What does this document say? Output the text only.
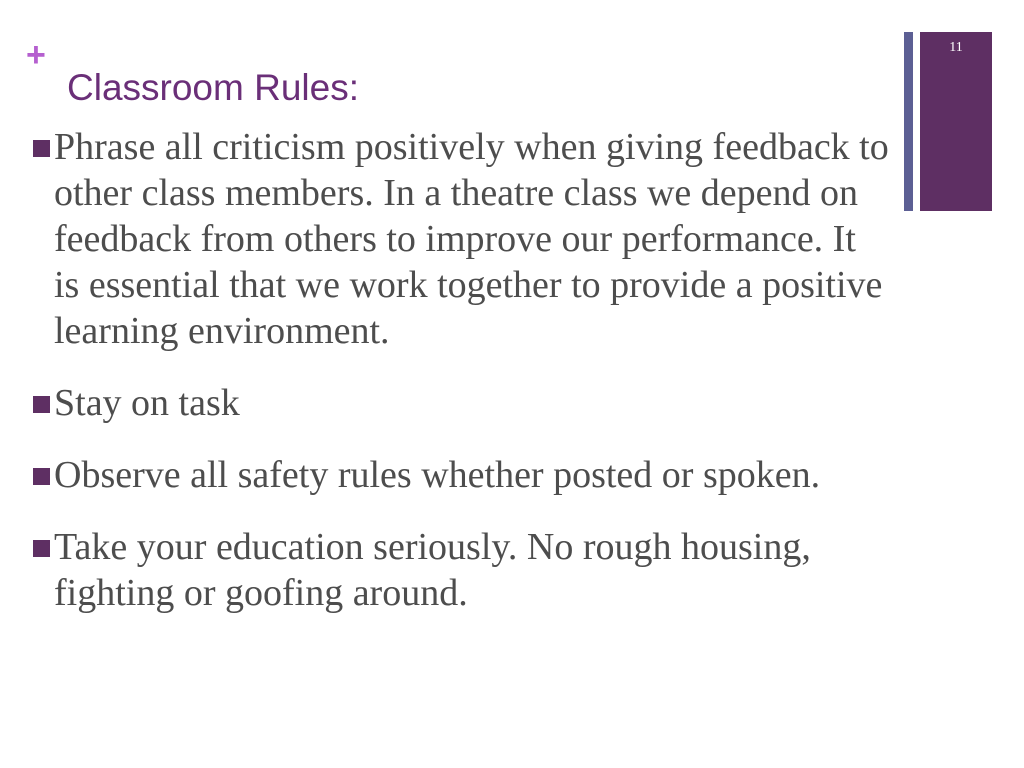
+
Classroom Rules:
11
Phrase all criticism positively when giving feedback to other class members. In a theatre class we depend on feedback from others to improve our performance. It is essential that we work together to provide a positive learning environment.
Stay on task
Observe all safety rules whether posted or spoken.
Take your education seriously. No rough housing, fighting or goofing around.
